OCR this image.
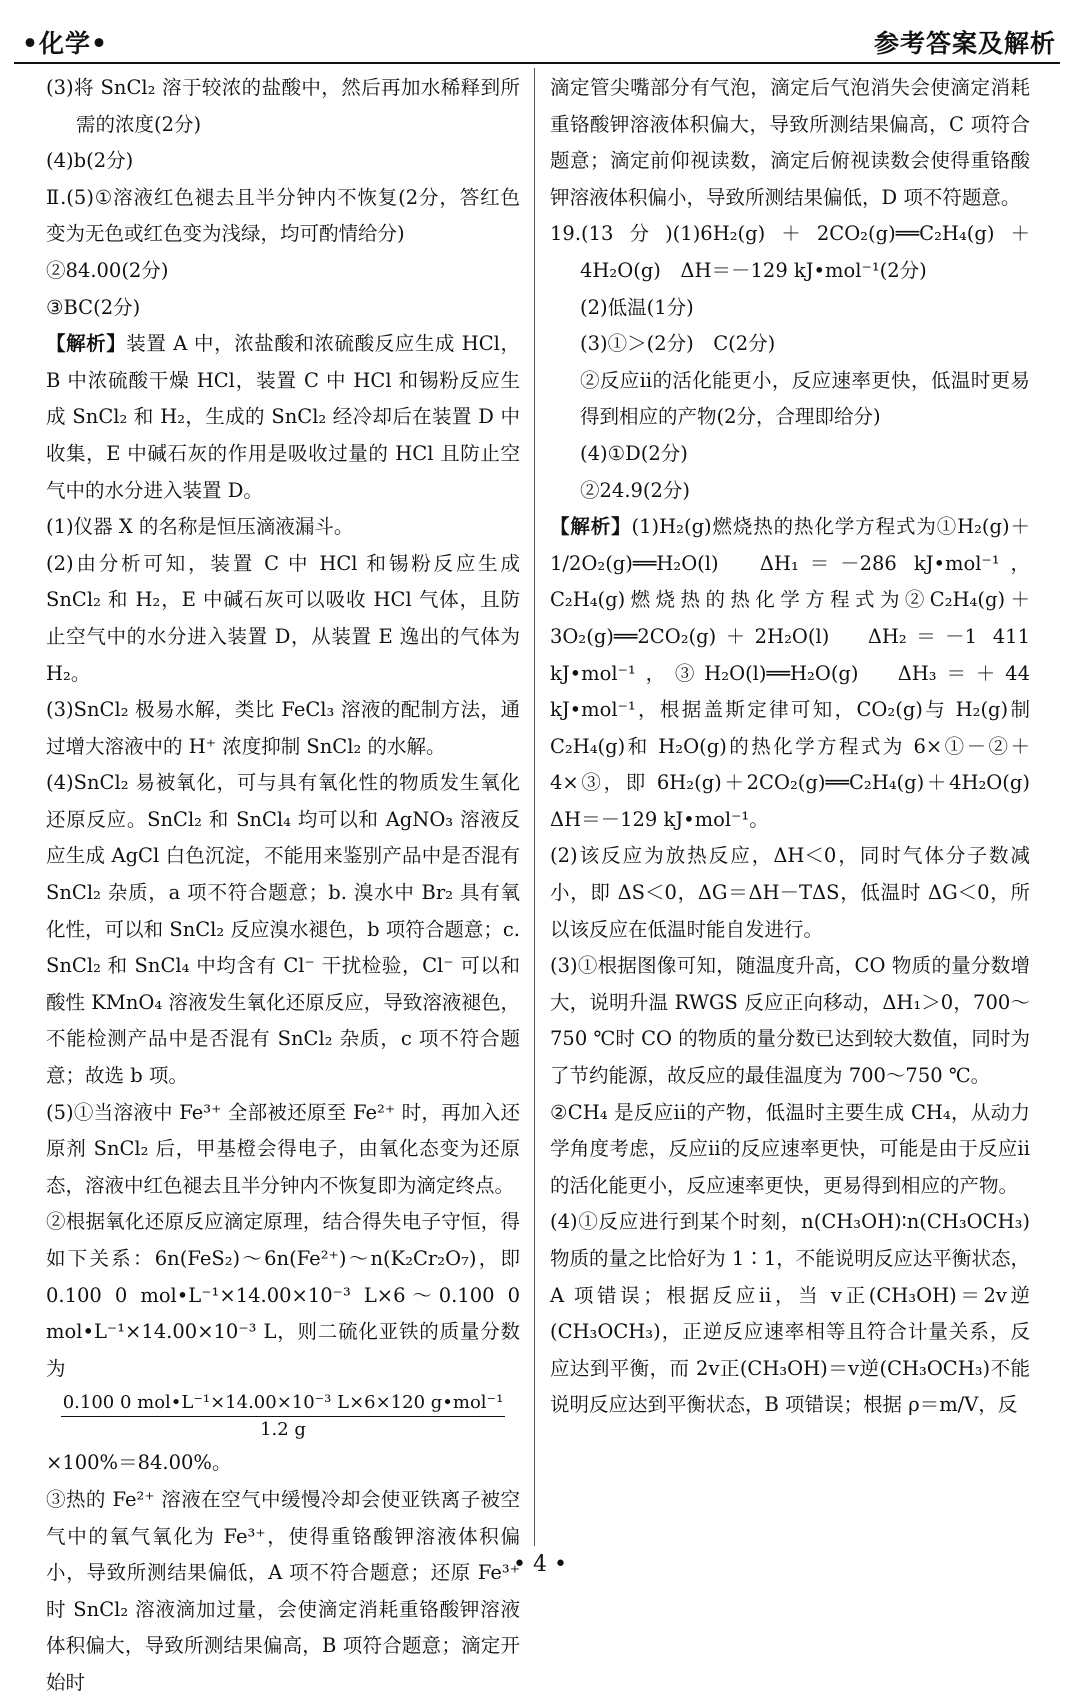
•化学•	参考答案及解析

(3)将 SnCl₂ 溶于较浓的盐酸中，然后再加水稀释到所需的浓度(2分)

(4)b(2分)

Ⅱ.(5)①溶液红色褪去且半分钟内不恢复(2分，答红色变为无色或红色变为浅绿，均可酌情给分)

②84.00(2分)

③BC(2分)

【解析】装置 A 中，浓盐酸和浓硫酸反应生成 HCl，B 中浓硫酸干燥 HCl，装置 C 中 HCl 和锡粉反应生成 SnCl₂ 和 H₂，生成的 SnCl₂ 经冷却后在装置 D 中收集，E 中碱石灰的作用是吸收过量的 HCl 且防止空气中的水分进入装置 D。

(1)仪器 X 的名称是恒压滴液漏斗。

(2)由分析可知，装置 C 中 HCl 和锡粉反应生成 SnCl₂ 和 H₂，E 中碱石灰可以吸收 HCl 气体，且防止空气中的水分进入装置 D，从装置 E 逸出的气体为 H₂。

(3)SnCl₂ 极易水解，类比 FeCl₃ 溶液的配制方法，通过增大溶液中的 H⁺ 浓度抑制 SnCl₂ 的水解。

(4)SnCl₂ 易被氧化，可与具有氧化性的物质发生氧化还原反应。SnCl₂ 和 SnCl₄ 均可以和 AgNO₃ 溶液反应生成 AgCl 白色沉淀，不能用来鉴别产品中是否混有 SnCl₂ 杂质，a 项不符合题意；b. 溴水中 Br₂ 具有氧化性，可以和 SnCl₂ 反应溴水褪色，b 项符合题意；c. SnCl₂ 和 SnCl₄ 中均含有 Cl⁻ 干扰检验，Cl⁻ 可以和酸性 KMnO₄ 溶液发生氧化还原反应，导致溶液褪色，不能检测产品中是否混有 SnCl₂ 杂质，c 项不符合题意；故选 b 项。

(5)①当溶液中 Fe³⁺ 全部被还原至 Fe²⁺ 时，再加入还原剂 SnCl₂ 后，甲基橙会得电子，由氧化态变为还原态，溶液中红色褪去且半分钟内不恢复即为滴定终点。

②根据氧化还原反应滴定原理，结合得失电子守恒，得如下关系：6n(FeS₂)～6n(Fe²⁺)～n(K₂Cr₂O₇)，即 0.100 0 mol•L⁻¹×14.00×10⁻³ L×6～0.100 0 mol•L⁻¹×14.00×10⁻³ L，则二硫化亚铁的质量分数为

0.100 0 mol•L⁻¹×14.00×10⁻³ L×6×120 g•mol⁻¹
1.2 g

×100%＝84.00%。

③热的 Fe²⁺ 溶液在空气中缓慢冷却会使亚铁离子被空气中的氧气氧化为 Fe³⁺，使得重铬酸钾溶液体积偏小，导致所测结果偏低，A 项不符合题意；还原 Fe³⁺ 时 SnCl₂ 溶液滴加过量，会使滴定消耗重铬酸钾溶液体积偏大，导致所测结果偏高，B 项符合题意；滴定开始时

滴定管尖嘴部分有气泡，滴定后气泡消失会使滴定消耗重铬酸钾溶液体积偏大，导致所测结果偏高，C 项符合题意；滴定前仰视读数，滴定后俯视读数会使得重铬酸钾溶液体积偏小，导致所测结果偏低，D 项不符题意。

19.(13分)(1)6H₂(g)＋2CO₂(g)══C₂H₄(g)＋4H₂O(g)　ΔH＝－129 kJ•mol⁻¹(2分)

(2)低温(1分)

(3)①＞(2分)　C(2分)

②反应ⅱ的活化能更小，反应速率更快，低温时更易得到相应的产物(2分，合理即给分)

(4)①D(2分)

②24.9(2分)

【解析】(1)H₂(g)燃烧热的热化学方程式为①H₂(g)＋1/2O₂(g)══H₂O(l)　ΔH₁＝－286 kJ•mol⁻¹，C₂H₄(g)燃烧热的热化学方程式为②C₂H₄(g)＋3O₂(g)══2CO₂(g)＋2H₂O(l)　ΔH₂＝－1 411 kJ•mol⁻¹，③H₂O(l)══H₂O(g)　ΔH₃＝＋44 kJ•mol⁻¹，根据盖斯定律可知，CO₂(g)与 H₂(g)制 C₂H₄(g)和 H₂O(g)的热化学方程式为 6×①－②＋4×③，即 6H₂(g)＋2CO₂(g)══C₂H₄(g)＋4H₂O(g)　ΔH＝－129 kJ•mol⁻¹。

(2)该反应为放热反应，ΔH＜0，同时气体分子数减小，即 ΔS＜0，ΔG＝ΔH－TΔS，低温时 ΔG＜0，所以该反应在低温时能自发进行。

(3)①根据图像可知，随温度升高，CO 物质的量分数增大，说明升温 RWGS 反应正向移动，ΔH₁＞0，700～750 ℃时 CO 的物质的量分数已达到较大数值，同时为了节约能源，故反应的最佳温度为 700～750 ℃。

②CH₄ 是反应ⅱ的产物，低温时主要生成 CH₄，从动力学角度考虑，反应ⅱ的反应速率更快，可能是由于反应ⅱ的活化能更小，反应速率更快，更易得到相应的产物。

(4)①反应进行到某个时刻，n(CH₃OH)∶n(CH₃OCH₃)物质的量之比恰好为 1∶1，不能说明反应达平衡状态，A 项错误；根据反应ⅱ，当 v正(CH₃OH)＝2v逆(CH₃OCH₃)，正逆反应速率相等且符合计量关系，反应达到平衡，而 2v正(CH₃OH)＝v逆(CH₃OCH₃)不能说明反应达到平衡状态，B 项错误；根据 ρ＝m/V，反

• 4 •
